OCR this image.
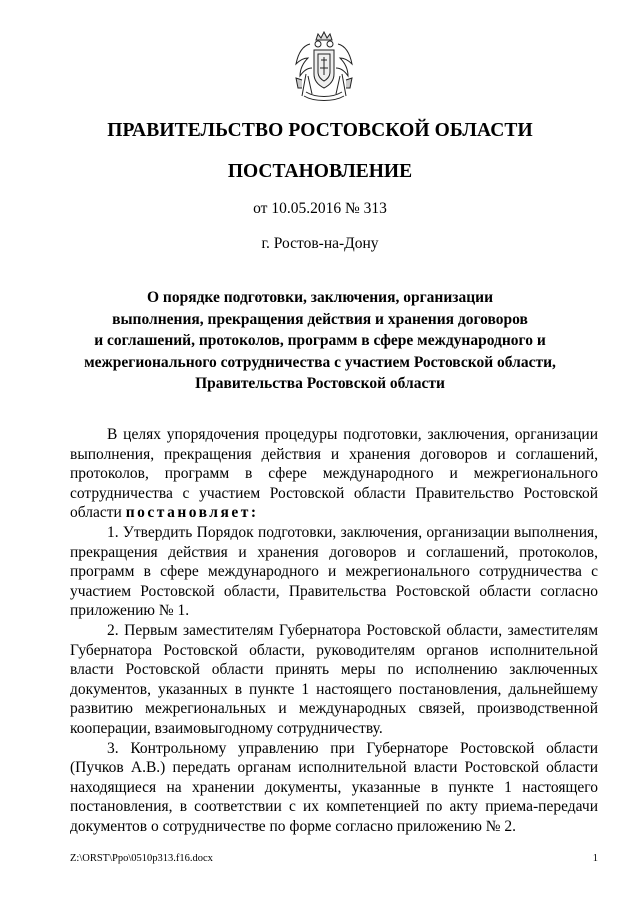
ПРАВИТЕЛЬСТВО РОСТОВСКОЙ ОБЛАСТИ
ПОСТАНОВЛЕНИЕ
от 10.05.2016 № 313
г. Ростов-на-Дону
О порядке подготовки, заключения, организации
выполнения, прекращения действия и хранения договоров
и соглашений, протоколов, программ в сфере международного и
межрегионального сотрудничества с участием Ростовской области,
Правительства Ростовской области

В целях упорядочения процедуры подготовки, заключения, организации выполнения, прекращения действия и хранения договоров и соглашений, протоколов, программ в сфере международного и межрегионального сотрудничества с участием Ростовской области Правительство Ростовской области постановляет:

1. Утвердить Порядок подготовки, заключения, организации выполнения, прекращения действия и хранения договоров и соглашений, протоколов, программ в сфере международного и межрегионального сотрудничества с участием Ростовской области, Правительства Ростовской области согласно приложению № 1.

2. Первым заместителям Губернатора Ростовской области, заместителям Губернатора Ростовской области, руководителям органов исполнительной власти Ростовской области принять меры по исполнению заключенных документов, указанных в пункте 1 настоящего постановления, дальнейшему развитию межрегиональных и международных связей, производственной кооперации, взаимовыгодному сотрудничеству.

3. Контрольному управлению при Губернаторе Ростовской области (Пучков А.В.) передать органам исполнительной власти Ростовской области находящиеся на хранении документы, указанные в пункте 1 настоящего постановления, в соответствии с их компетенцией по акту приема-передачи документов о сотрудничестве по форме согласно приложению № 2.

Z:\ORST\Ppo\0510p313.f16.docx	1
